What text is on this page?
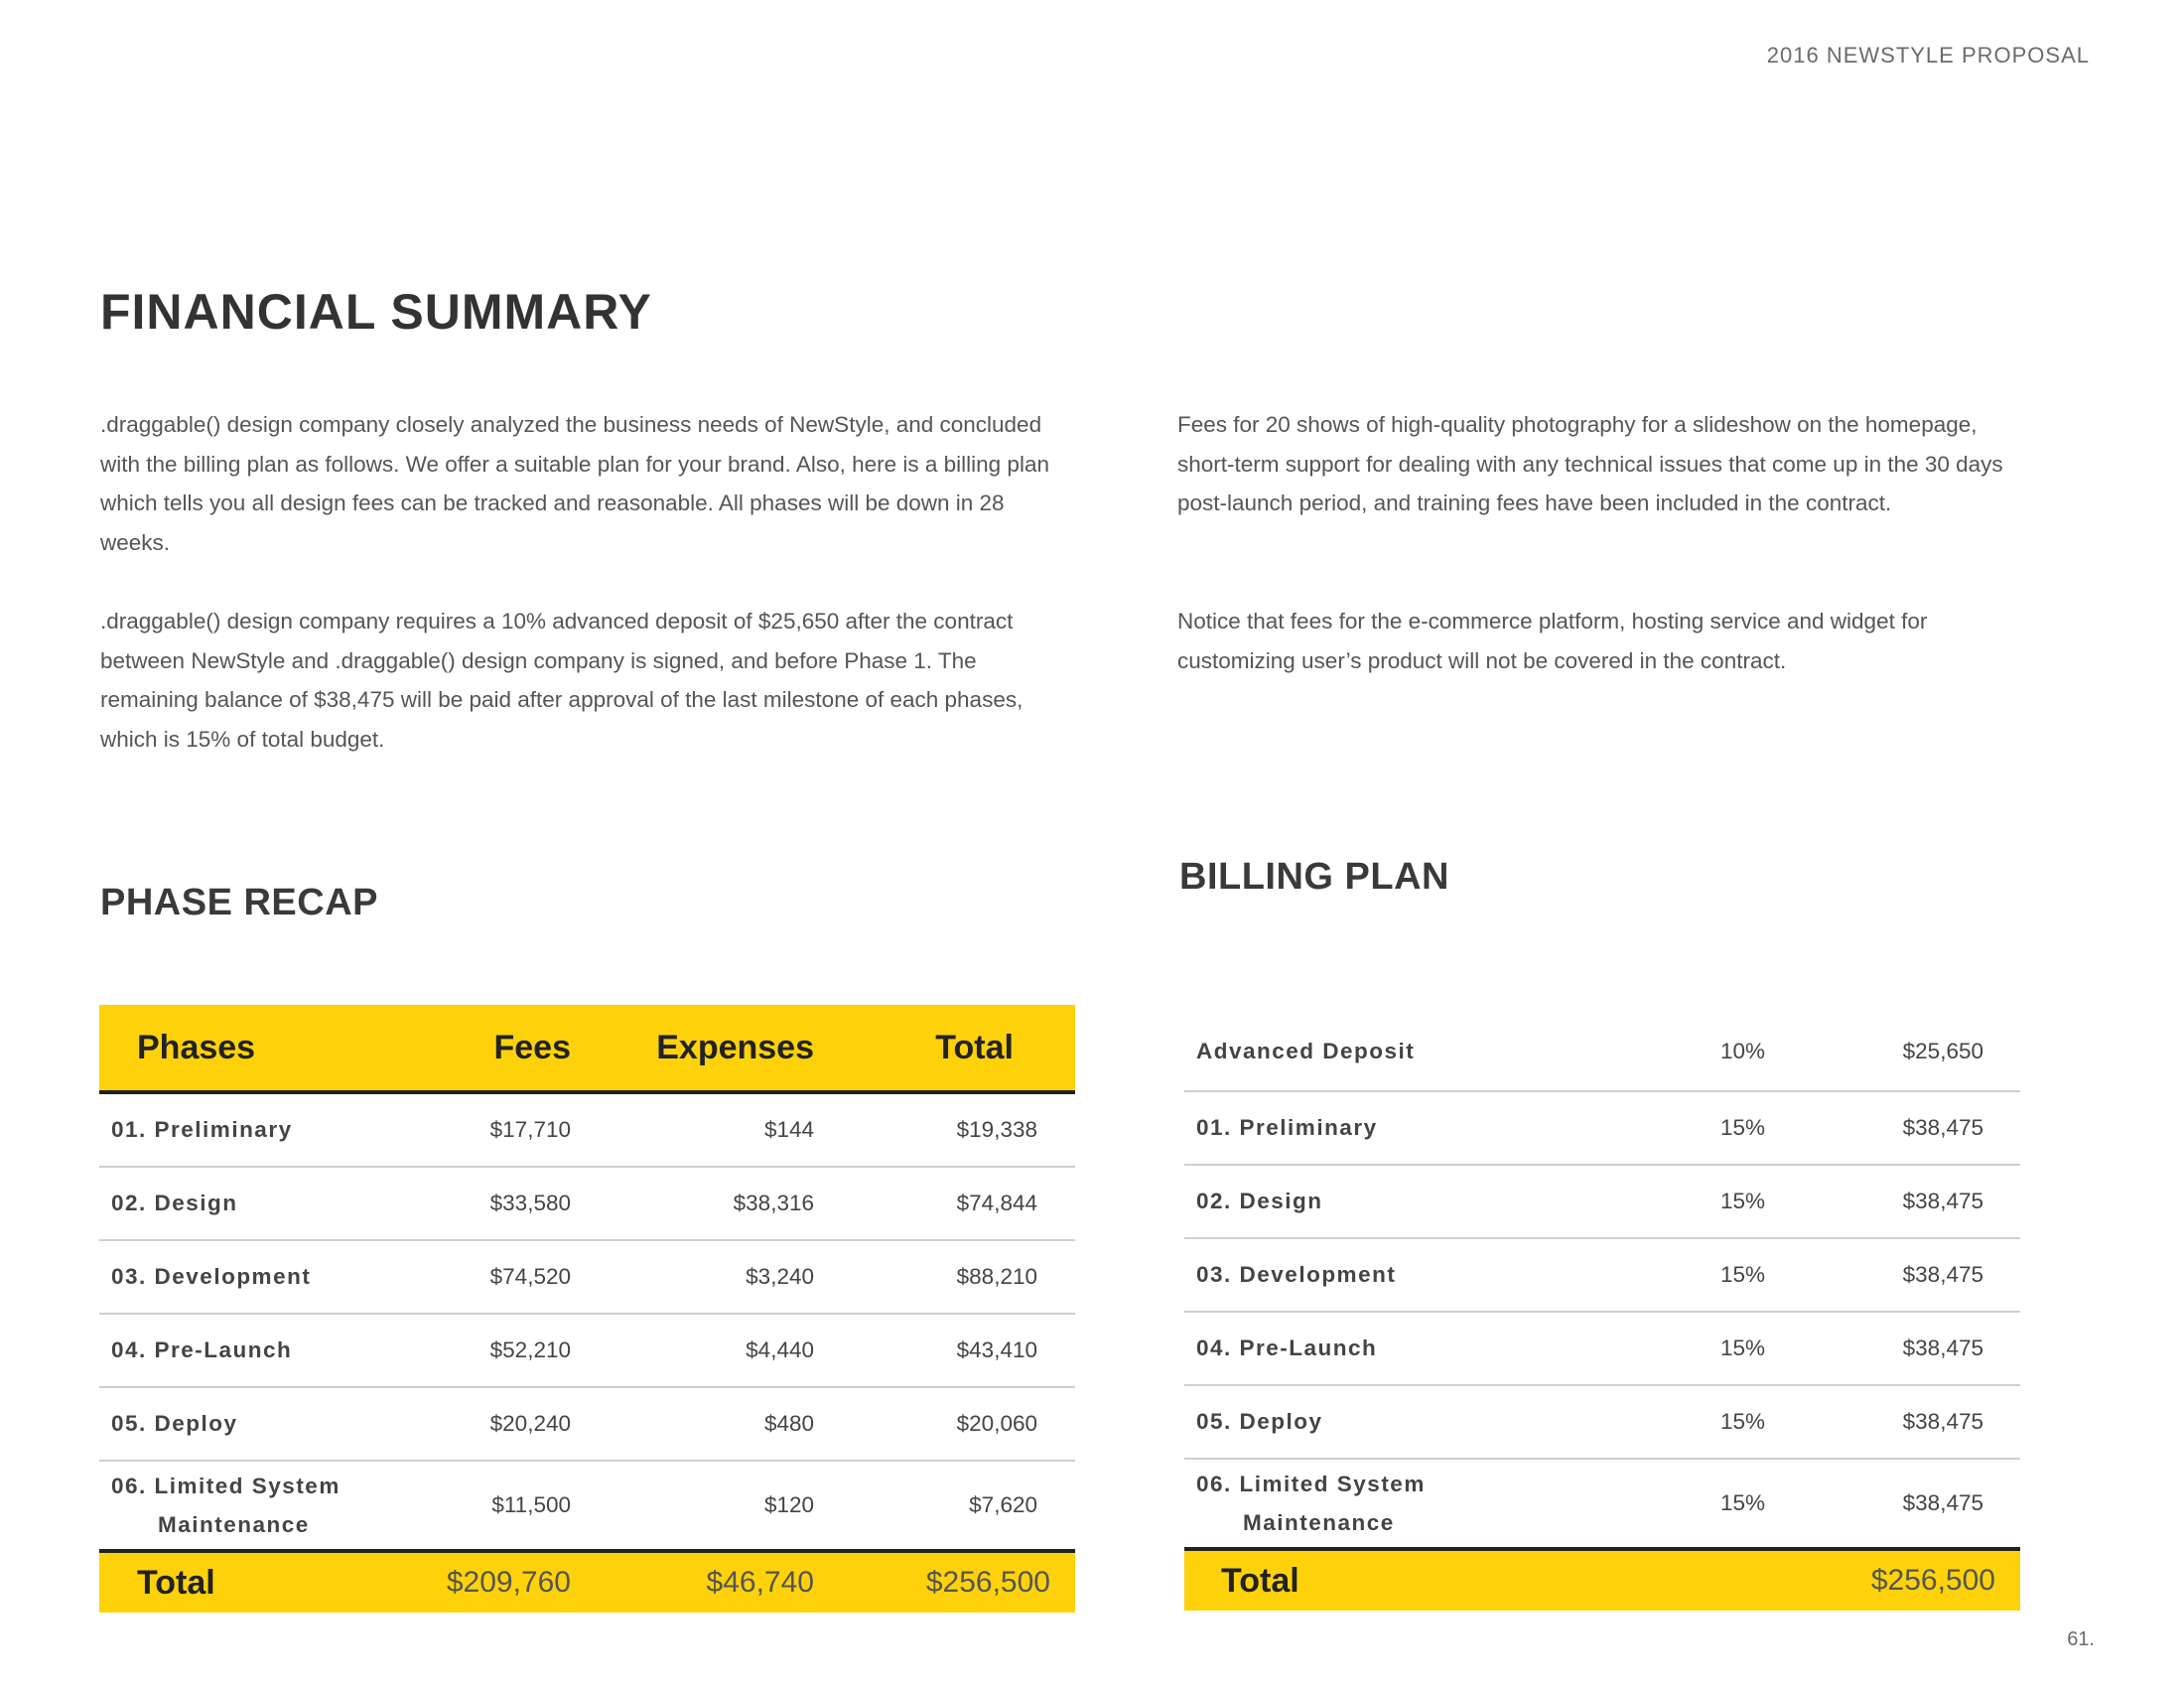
2016 NEWSTYLE PROPOSAL
FINANCIAL SUMMARY

.draggable() design company closely analyzed the business needs of NewStyle, and concluded with the billing plan as follows. We offer a suitable plan for your brand. Also, here is a billing plan which tells you all design fees can be tracked and reasonable. All phases will be down in 28 weeks.

.draggable() design company requires a 10% advanced deposit of $25,650 after the contract between NewStyle and .draggable() design company is signed, and before Phase 1. The remaining balance of $38,475 will be paid after approval of the last milestone of each phases, which is 15% of total budget.

Fees for 20 shows of high-quality photography for a slideshow on the homepage, short-term support for dealing with any technical issues that come up in the 30 days post-launch period, and training fees have been included in the contract.

Notice that fees for the e-commerce platform, hosting service and widget for customizing user’s product will not be covered in the contract.

PHASE RECAP
BILLING PLAN
Phases	Fees	Expenses	Total
01. Preliminary	$17,710	$144	$19,338
02. Design	$33,580	$38,316	$74,844
03. Development	$74,520	$3,240	$88,210
04. Pre-Launch	$52,210	$4,440	$43,410
05. Deploy	$20,240	$480	$20,060
06. Limited System
Maintenance	$11,500	$120	$7,620
Total	$209,760	$46,740	$256,500
Advanced Deposit	10%	$25,650
01. Preliminary	15%	$38,475
02. Design	15%	$38,475
03. Development	15%	$38,475
04. Pre-Launch	15%	$38,475
05. Deploy	15%	$38,475
06. Limited System
Maintenance	15%	$38,475
Total		$256,500
61.
